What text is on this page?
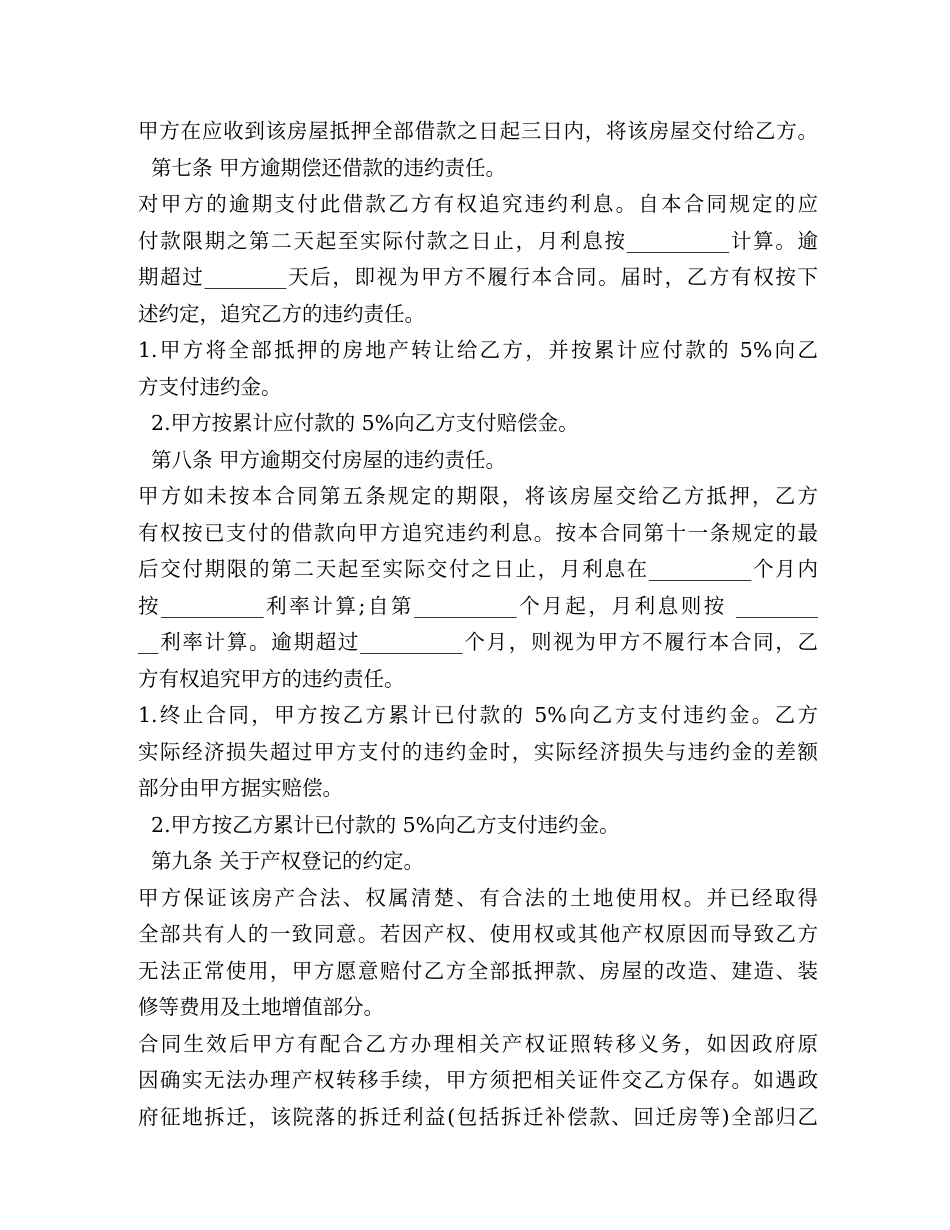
甲方在应收到该房屋抵押全部借款之日起三日内，将该房屋交付给乙方。
第七条 甲方逾期偿还借款的违约责任。
对甲方的逾期支付此借款乙方有权追究违约利息。自本合同规定的应
付款限期之第二天起至实际付款之日止，月利息按__________计算。逾
期超过________天后，即视为甲方不履行本合同。届时，乙方有权按下
述约定，追究乙方的违约责任。
1.甲方将全部抵押的房地产转让给乙方，并按累计应付款的 5%向乙
方支付违约金。
2.甲方按累计应付款的 5%向乙方支付赔偿金。
第八条 甲方逾期交付房屋的违约责任。
甲方如未按本合同第五条规定的期限，将该房屋交给乙方抵押，乙方
有权按已支付的借款向甲方追究违约利息。按本合同第十一条规定的最
后交付期限的第二天起至实际交付之日止，月利息在__________个月内
按__________利率计算;自第__________个月起，月利息则按 ________
__利率计算。逾期超过__________个月，则视为甲方不履行本合同，乙
方有权追究甲方的违约责任。
1.终止合同，甲方按乙方累计已付款的 5%向乙方支付违约金。乙方
实际经济损失超过甲方支付的违约金时，实际经济损失与违约金的差额
部分由甲方据实赔偿。
2.甲方按乙方累计已付款的 5%向乙方支付违约金。
第九条 关于产权登记的约定。
甲方保证该房产合法、权属清楚、有合法的土地使用权。并已经取得
全部共有人的一致同意。若因产权、使用权或其他产权原因而导致乙方
无法正常使用，甲方愿意赔付乙方全部抵押款、房屋的改造、建造、装
修等费用及土地增值部分。
合同生效后甲方有配合乙方办理相关产权证照转移义务，如因政府原
因确实无法办理产权转移手续，甲方须把相关证件交乙方保存。如遇政
府征地拆迁，该院落的拆迁利益(包括拆迁补偿款、回迁房等)全部归乙
